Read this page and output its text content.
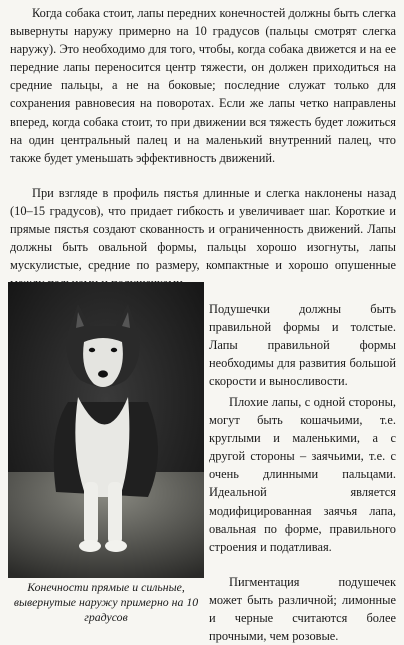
Когда собака стоит, лапы передних конечностей должны быть слегка вывернуты наружу примерно на 10 градусов (пальцы смотрят слегка наружу). Это необходимо для того, чтобы, когда собака движется и на ее передние лапы переносится центр тяжести, он должен приходиться на средние пальцы, а не на боковые; последние служат только для сохранения равновесия на поворотах. Если же лапы четко направлены вперед, когда собака стоит, то при движении вся тяжесть будет ложиться на один центральный палец и на маленький внутренний палец, что также будет уменьшать эффективность движений.

При взгляде в профиль пястья длинные и слегка наклонены назад (10–15 градусов), что придает гибкость и увеличивает шаг. Короткие и прямые пястья создают скованность и ограниченность движений. Лапы должны быть овальной формы, пальцы хорошо изогнуты, лапы мускулистые, средние по размеру, компактные и хорошо опушенные

Подушечки должны быть правильной формы и толстые. Лапы правильной формы необходимы для развития большой скорости и выносливости.

Плохие лапы, с одной стороны, могут быть кошачьими, т.е. круглыми и маленькими, а с другой стороны – заячьими, т.е. с очень длинными пальцами. Идеальной является модифицированная заячья лапа, овальная по форме, правильного строения и податливая.

Пигментация подушечек может быть различной; лимонные и черные считаются более прочными, чем розовые.

Конечности прямые и сильные, вывернутые наружу примерно на 10 градусов
